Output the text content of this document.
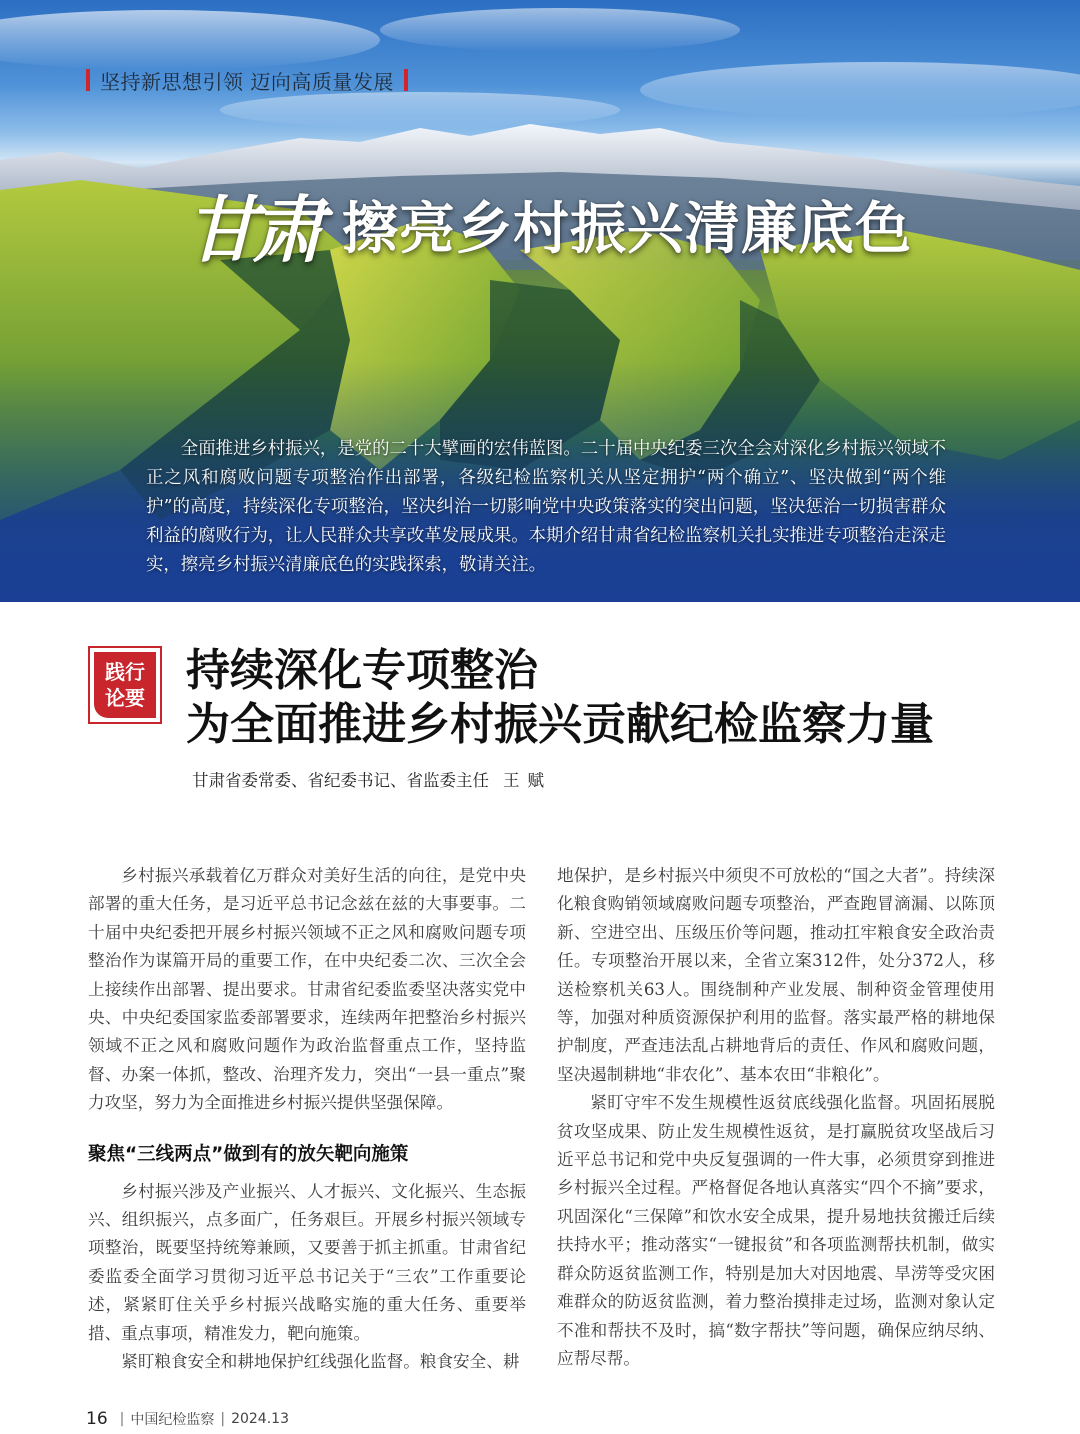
坚持新思想引领 迈向高质量发展
甘肃 擦亮乡村振兴清廉底色

全面推进乡村振兴，是党的二十大擘画的宏伟蓝图。二十届中央纪委三次全会对深化乡村振兴领域不正之风和腐败问题专项整治作出部署，各级纪检监察机关从坚定拥护“两个确立”、坚决做到“两个维护”的高度，持续深化专项整治，坚决纠治一切影响党中央政策落实的突出问题，坚决惩治一切损害群众利益的腐败行为，让人民群众共享改革发展成果。本期介绍甘肃省纪检监察机关扎实推进专项整治走深走实，擦亮乡村振兴清廉底色的实践探索，敬请关注。

践行
论要
持续深化专项整治
为全面推进乡村振兴贡献纪检监察力量
甘肃省委常委、省纪委书记、省监委主任 王赋

乡村振兴承载着亿万群众对美好生活的向往，是党中央部署的重大任务，是习近平总书记念兹在兹的大事要事。二十届中央纪委把开展乡村振兴领域不正之风和腐败问题专项整治作为谋篇开局的重要工作，在中央纪委二次、三次全会上接续作出部署、提出要求。甘肃省纪委监委坚决落实党中央、中央纪委国家监委部署要求，连续两年把整治乡村振兴领域不正之风和腐败问题作为政治监督重点工作，坚持监督、办案一体抓，整改、治理齐发力，突出“一县一重点”聚力攻坚，努力为全面推进乡村振兴提供坚强保障。

聚焦“三线两点”做到有的放矢靶向施策

乡村振兴涉及产业振兴、人才振兴、文化振兴、生态振兴、组织振兴，点多面广，任务艰巨。开展乡村振兴领域专项整治，既要坚持统筹兼顾，又要善于抓主抓重。甘肃省纪委监委全面学习贯彻习近平总书记关于“三农”工作重要论述，紧紧盯住关乎乡村振兴战略实施的重大任务、重要举措、重点事项，精准发力，靶向施策。

紧盯粮食安全和耕地保护红线强化监督。粮食安全、耕

地保护，是乡村振兴中须臾不可放松的“国之大者”。持续深化粮食购销领域腐败问题专项整治，严查跑冒滴漏、以陈顶新、空进空出、压级压价等问题，推动扛牢粮食安全政治责任。专项整治开展以来，全省立案312件，处分372人，移送检察机关63人。围绕制种产业发展、制种资金管理使用等，加强对种质资源保护利用的监督。落实最严格的耕地保护制度，严查违法乱占耕地背后的责任、作风和腐败问题，坚决遏制耕地“非农化”、基本农田“非粮化”。

紧盯守牢不发生规模性返贫底线强化监督。巩固拓展脱贫攻坚成果、防止发生规模性返贫，是打赢脱贫攻坚战后习近平总书记和党中央反复强调的一件大事，必须贯穿到推进乡村振兴全过程。严格督促各地认真落实“四个不摘”要求，巩固深化“三保障”和饮水安全成果，提升易地扶贫搬迁后续扶持水平；推动落实“一键报贫”和各项监测帮扶机制，做实群众防返贫监测工作，特别是加大对因地震、旱涝等受灾困难群众的防返贫监测，着力整治摸排走过场，监测对象认定不准和帮扶不及时，搞“数字帮扶”等问题，确保应纳尽纳、应帮尽帮。

16 | 中国纪检监察 | 2024.13
